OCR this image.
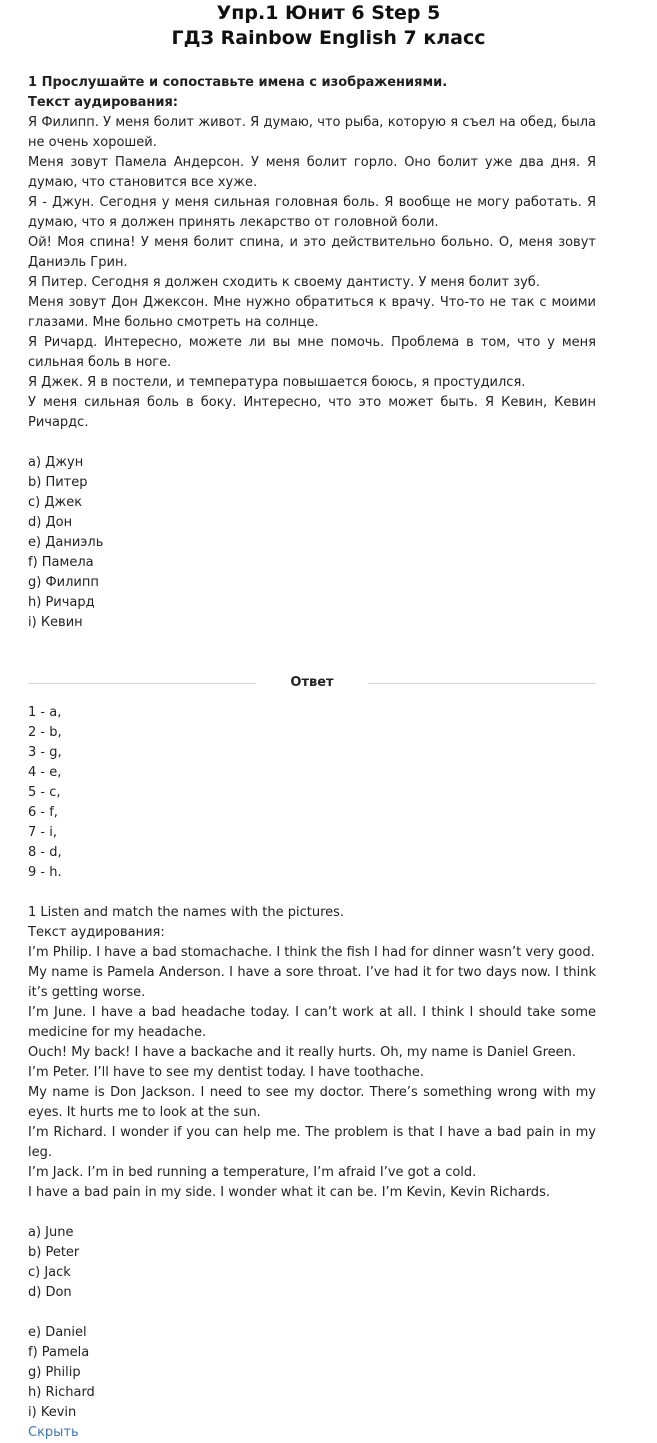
Упр.1 Юнит 6 Step 5
ГДЗ Rainbow English 7 класс
1 Прослушайте и сопоставьте имена с изображениями.
Текст аудирования:

Я Филипп. У меня болит живот. Я думаю, что рыба, которую я съел на обед, была не очень хорошей.

Меня зовут Памела Андерсон. У меня болит горло. Оно болит уже два дня. Я думаю, что становится все хуже.

Я - Джун. Сегодня у меня сильная головная боль. Я вообще не могу работать. Я думаю, что я должен принять лекарство от головной боли.

Ой! Моя спина! У меня болит спина, и это действительно больно. О, меня зовут Даниэль Грин.

Я Питер. Сегодня я должен сходить к своему дантисту. У меня болит зуб.

Меня зовут Дон Джексон. Мне нужно обратиться к врачу. Что-то не так с моими глазами. Мне больно смотреть на солнце.

Я Ричард. Интересно, можете ли вы мне помочь. Проблема в том, что у меня сильная боль в ноге.

Я Джек. Я в постели, и температура повышается боюсь, я простудился.

У меня сильная боль в боку. Интересно, что это может быть. Я Кевин, Кевин Ричардс.

a) Джун
b) Питер
c) Джек
d) Дон
e) Даниэль
f) Памела
g) Филипп
h) Ричард
i) Кевин
Ответ
1 - a,
2 - b,
3 - g,
4 - e,
5 - c,
6 - f,
7 - i,
8 - d,
9 - h.
1 Listen and match the names with the pictures.
Текст аудирования:

I’m Philip. I have a bad stomachache. I think the fish I had for dinner wasn’t very good.

My name is Pamela Anderson. I have a sore throat. I’ve had it for two days now. I think it’s getting worse.

I’m June. I have a bad headache today. I can’t work at all. I think I should take some medicine for my headache.

Ouch! My back! I have a backache and it really hurts. Oh, my name is Daniel Green.

I’m Peter. I’ll have to see my dentist today. I have toothache.

My name is Don Jackson. I need to see my doctor. There’s something wrong with my eyes. It hurts me to look at the sun.

I’m Richard. I wonder if you can help me. The problem is that I have a bad pain in my leg.

I’m Jack. I’m in bed running a temperature, I’m afraid I’ve got a cold.

I have a bad pain in my side. I wonder what it can be. I’m Kevin, Kevin Richards.

a) June
b) Peter
c) Jack
d) Don
e) Daniel
f) Pamela
g) Philip
h) Richard
i) Kevin
Скрыть
